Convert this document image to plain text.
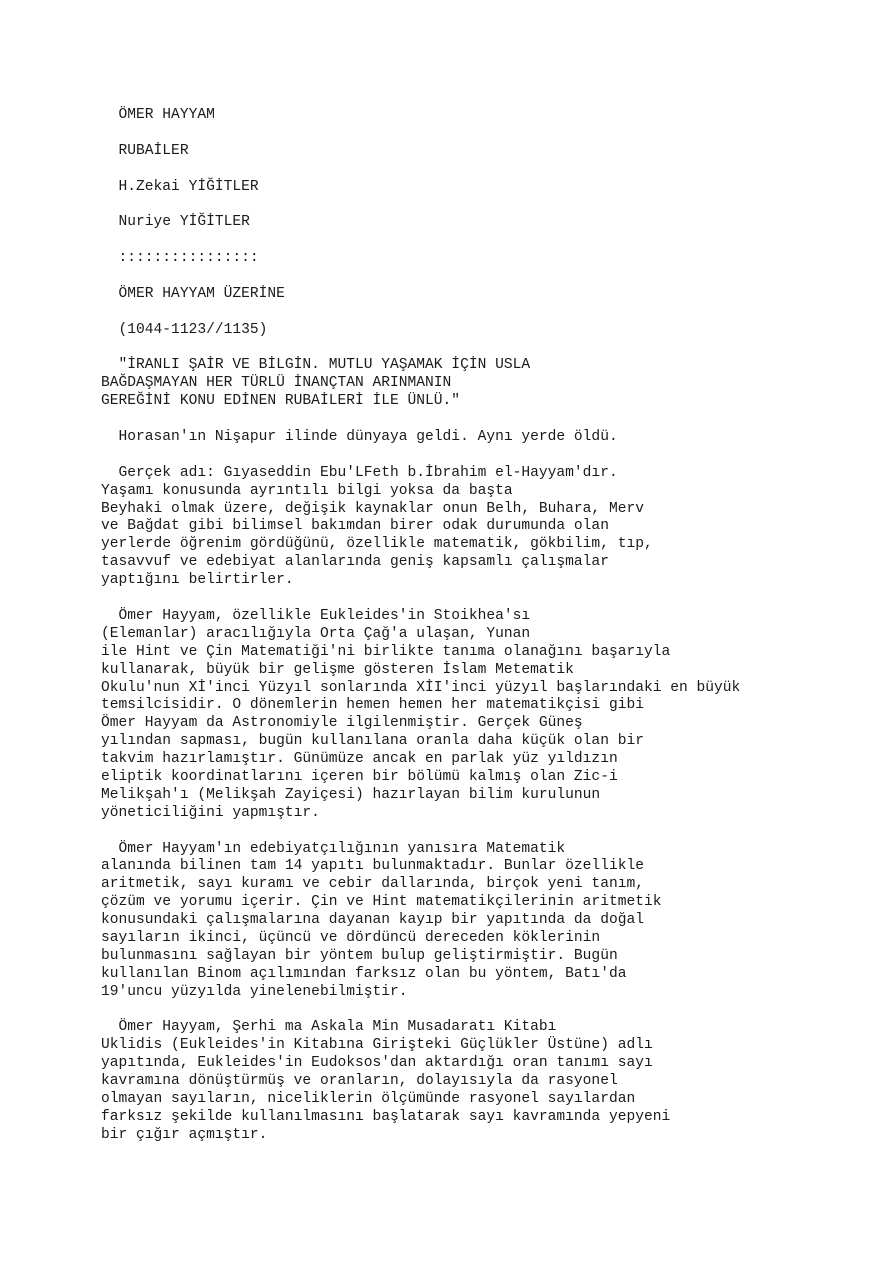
ÖMER HAYYAM
RUBAİLER
H.Zekai YİĞİTLER
Nuriye YİĞİTLER
::::::::::::::::
ÖMER HAYYAM ÜZERİNE
(1044-1123//1135)
"İRANLI ŞAİR VE BİLGİN. MUTLU YAŞAMAK İÇİN USLA
BAĞDAŞMAYAN HER TÜRLÜ İNANÇTAN ARINMANIN
GEREĞİNİ KONU EDİNEN RUBAİLERİ İLE ÜNLÜ."
Horasan'ın Nişapur ilinde dünyaya geldi. Aynı yerde öldü.
Gerçek adı: Gıyaseddin Ebu'LFeth b.İbrahim el-Hayyam'dır.
Yaşamı konusunda ayrıntılı bilgi yoksa da başta
Beyhaki olmak üzere, değişik kaynaklar onun Belh, Buhara, Merv
ve Bağdat gibi bilimsel bakımdan birer odak durumunda olan
yerlerde öğrenim gördüğünü, özellikle matematik, gökbilim, tıp,
tasavvuf ve edebiyat alanlarında geniş kapsamlı çalışmalar
yaptığını belirtirler.
Ömer Hayyam, özellikle Eukleides'in Stoikhea'sı
(Elemanlar) aracılığıyla Orta Çağ'a ulaşan, Yunan
ile Hint ve Çin Matematiği'ni birlikte tanıma olanağını başarıyla
kullanarak, büyük bir gelişme gösteren İslam Metematik
Okulu'nun Xİ'inci Yüzyıl sonlarında XİI'inci yüzyıl başlarındaki en büyük
temsilcisidir. O dönemlerin hemen hemen her matematikçisi gibi
Ömer Hayyam da Astronomiyle ilgilenmiştir. Gerçek Güneş
yılından sapması, bugün kullanılana oranla daha küçük olan bir
takvim hazırlamıştır. Günümüze ancak en parlak yüz yıldızın
eliptik koordinatlarını içeren bir bölümü kalmış olan Zic-i
Melikşah'ı (Melikşah Zayiçesi) hazırlayan bilim kurulunun
yöneticiliğini yapmıştır.
Ömer Hayyam'ın edebiyatçılığının yanısıra Matematik
alanında bilinen tam 14 yapıtı bulunmaktadır. Bunlar özellikle
aritmetik, sayı kuramı ve cebir dallarında, birçok yeni tanım,
çözüm ve yorumu içerir. Çin ve Hint matematikçilerinin aritmetik
konusundaki çalışmalarına dayanan kayıp bir yapıtında da doğal
sayıların ikinci, üçüncü ve dördüncü dereceden köklerinin
bulunmasını sağlayan bir yöntem bulup geliştirmiştir. Bugün
kullanılan Binom açılımından farksız olan bu yöntem, Batı'da
19'uncu yüzyılda yinelenebilmiştir.
Ömer Hayyam, Şerhi ma Askala Min Musadaratı Kitabı
Uklidis (Eukleides'in Kitabına Girişteki Güçlükler Üstüne) adlı
yapıtında, Eukleides'in Eudoksos'dan aktardığı oran tanımı sayı
kavramına dönüştürmüş ve oranların, dolayısıyla da rasyonel
olmayan sayıların, niceliklerin ölçümünde rasyonel sayılardan
farksız şekilde kullanılmasını başlatarak sayı kavramında yepyeni
bir çığır açmıştır.
